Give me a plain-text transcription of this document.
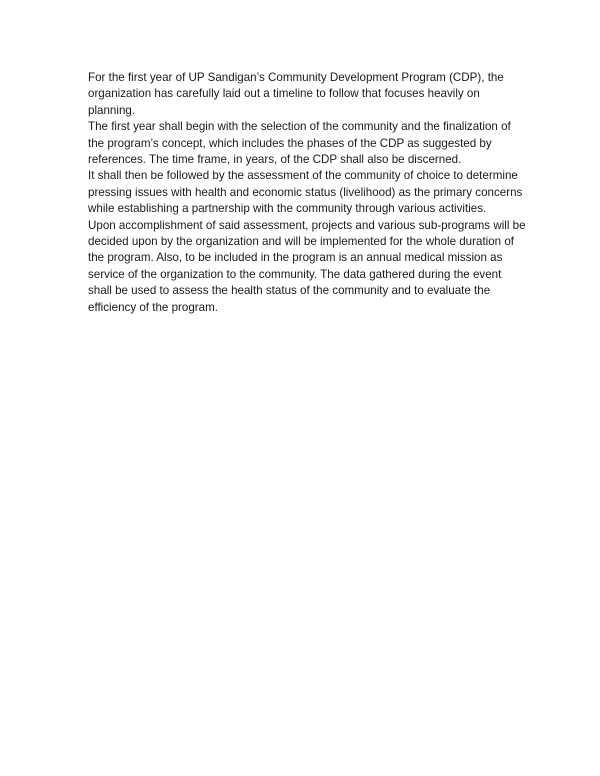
For the first year of UP Sandigan’s Community Development Program (CDP), the organization has carefully laid out a timeline to follow that focuses heavily on planning.

The first year shall begin with the selection of the community and the finalization of the program’s concept, which includes the phases of the CDP as suggested by references. The time frame, in years, of the CDP shall also be discerned.

It shall then be followed by the assessment of the community of choice to determine pressing issues with health and economic status (livelihood) as the primary concerns while establishing a partnership with the community through various activities.

Upon accomplishment of said assessment, projects and various sub-programs will be decided upon by the organization and will be implemented for the whole duration of the program. Also, to be included in the program is an annual medical mission as service of the organization to the community. The data gathered during the event shall be used to assess the health status of the community and to evaluate the efficiency of the program.
